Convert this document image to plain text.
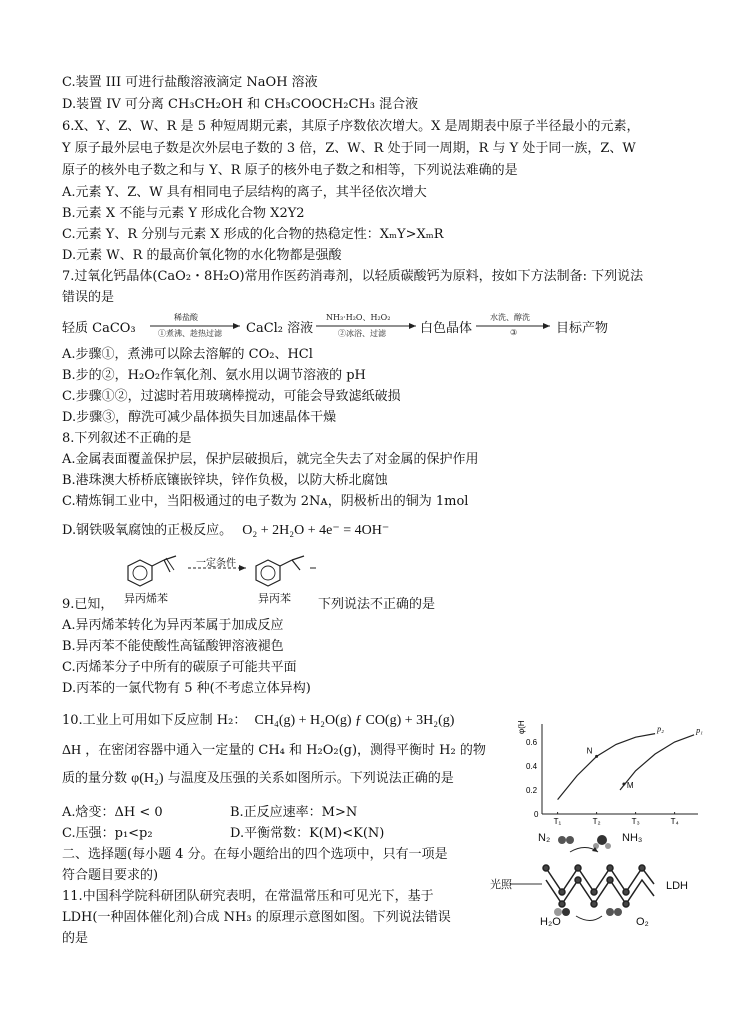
C.装置 III 可进行盐酸溶液滴定 NaOH 溶液
D.装置 IV 可分离 CH₃CH₂OH 和 CH₃COOCH₂CH₃ 混合液
6.X、Y、Z、W、R 是 5 种短周期元素，其原子序数依次增大。X 是周期表中原子半径最小的元素，
Y 原子最外层电子数是次外层电子数的 3 倍，Z、W、R 处于同一周期，R 与 Y 处于同一族，Z、W
原子的核外电子数之和与 Y、R 原子的核外电子数之和相等，下列说法难确的是
A.元素 Y、Z、W 具有相同电子层结构的离子，其半径依次增大
B.元素 X 不能与元素 Y 形成化合物 X2Y2
C.元素 Y、R 分别与元素 X 形成的化合物的热稳定性：XₘY>XₘR
D.元素 W、R 的最高价氧化物的水化物都是强酸
7.过氧化钙晶体(CaO₂・8H₂O)常用作医药消毒剂，以轻质碳酸钙为原料，按如下方法制备: 下列说法
错误的是
轻质 CaCO₃
稀盐酸
①煮沸、趁热过滤 CaCl₂ 溶液
NH₃·H₂O、H₂O₂
②冰浴、过滤	白色晶体
水洗、醇洗
③	目标产物
A.步骤①，煮沸可以除去溶解的 CO₂、HCl
B.步的②，H₂O₂作氧化剂、氨水用以调节溶液的 pH
C.步骤①②，过滤时若用玻璃棒搅动，可能会导致滤纸破损
D.步骤③，醇洗可减少晶体损失目加速晶体干燥
8.下列叙述不正确的是
A.金属表面覆盖保护层，保护层破损后，就完全失去了对金属的保护作用
B.港珠澳大桥桥底镶嵌锌块，锌作负极，以防大桥北腐蚀
C.精炼铜工业中，当阳极通过的电子数为 2Nᴀ，阴极析出的铜为 1mol
D.钢铁吸氧腐蚀的正极反应。 O₂ + 2H₂O + 4e⁻ = 4OH⁻
一定条件
异丙烯苯	异丙苯
9.已知，	下列说法不正确的是
A.异丙烯苯转化为异丙苯属于加成反应
B.异丙苯不能使酸性高锰酸钾溶液褪色
C.丙烯苯分子中所有的碳原子可能共平面
D.丙苯的一氯代物有 5 种(不考虑立体异构)
10.工业上可用如下反应制 H₂： CH₄(g) + H₂O(g) ƒ CO(g) + 3H₂(g)
ΔH ，在密闭容器中通入一定量的 CH₄ 和 H₂O₂(g)，测得平衡时 H₂ 的物
质的量分数 φ(H₂) 与温度及压强的关系如图所示。下列说法正确的是
A.焓变：ΔH < 0	B.正反应速率：M>N
C.压强：p₁<p₂	D.平衡常数：K(M)<K(N)
二、选择题(每小题 4 分。在每小题给出的四个选项中，只有一项是
符合题目要求的)
11.中国科学院科研团队研究表明，在常温常压和可见光下，基于
LDH(一种固体催化剂)合成 NH₃ 的原理示意图如图。下列说法错误
的是
φ(H₂)
0.2
0.4
0.6
0
T₁	T₂	T₃	T₄
p₂	p₁
N
M
N₂	NH₃
光照	LDH
H₂O	O₂
